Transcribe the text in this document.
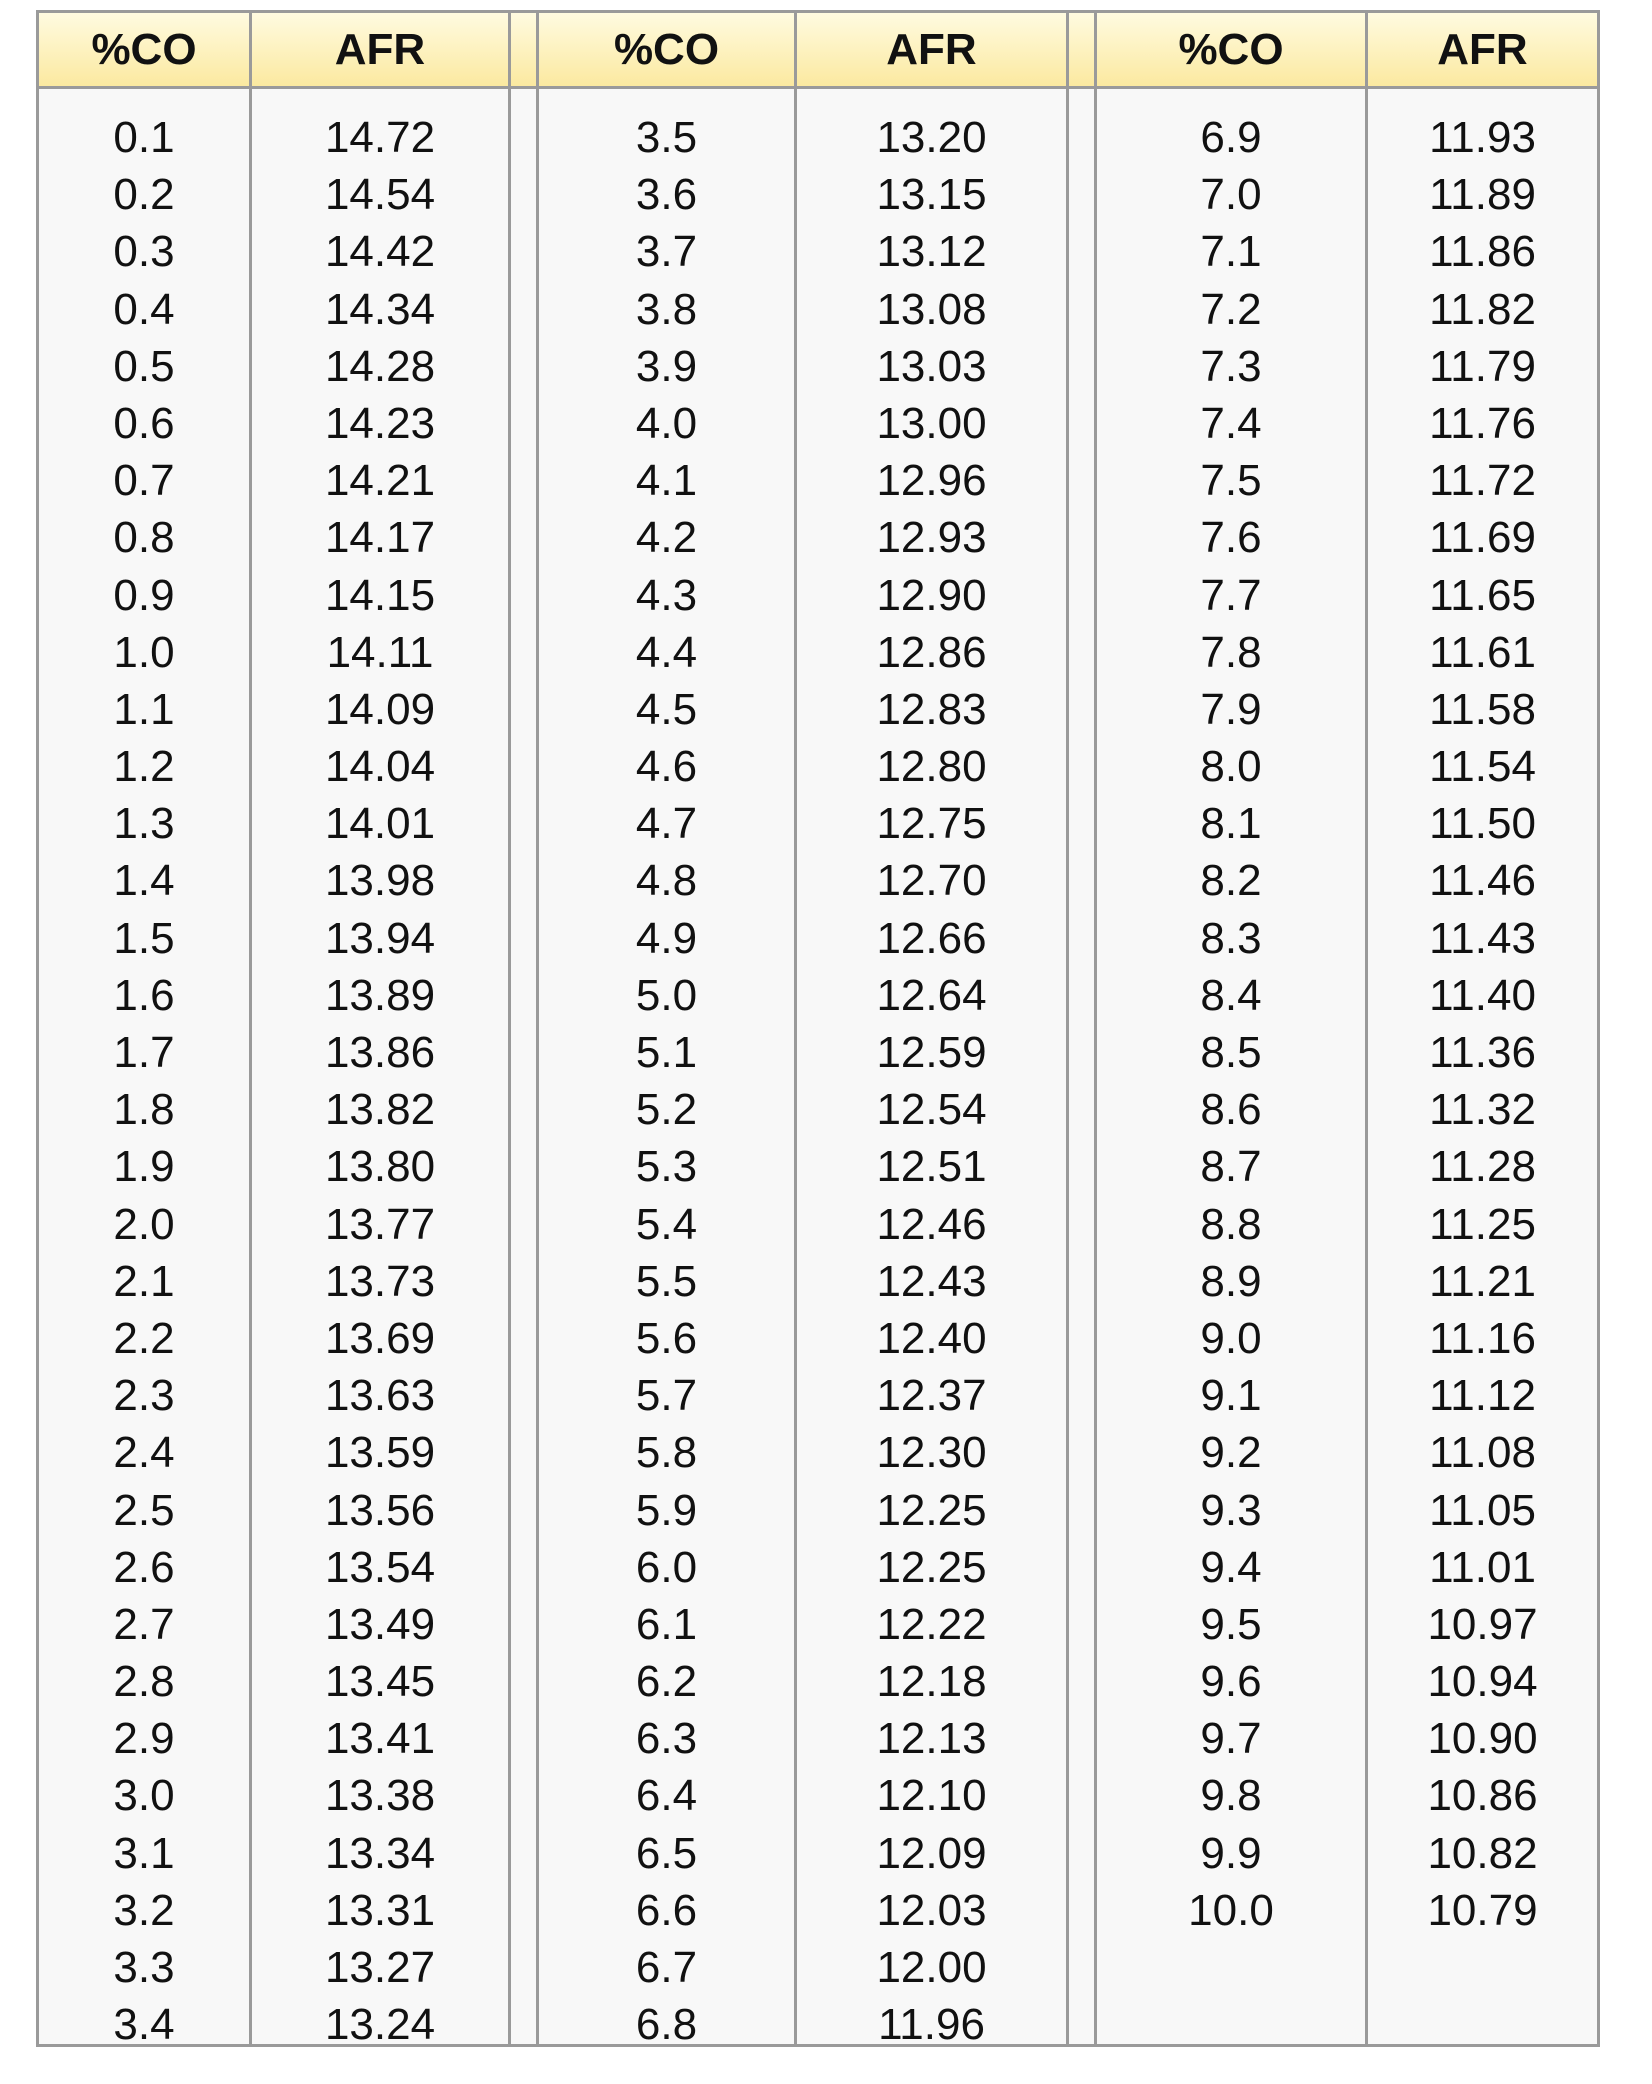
%CO
0.1
0.2
0.3
0.4
0.5
0.6
0.7
0.8
0.9
1.0
1.1
1.2
1.3
1.4
1.5
1.6
1.7
1.8
1.9
2.0
2.1
2.2
2.3
2.4
2.5
2.6
2.7
2.8
2.9
3.0
3.1
3.2
3.3
3.4
AFR
14.72
14.54
14.42
14.34
14.28
14.23
14.21
14.17
14.15
14.11
14.09
14.04
14.01
13.98
13.94
13.89
13.86
13.82
13.80
13.77
13.73
13.69
13.63
13.59
13.56
13.54
13.49
13.45
13.41
13.38
13.34
13.31
13.27
13.24
%CO
3.5
3.6
3.7
3.8
3.9
4.0
4.1
4.2
4.3
4.4
4.5
4.6
4.7
4.8
4.9
5.0
5.1
5.2
5.3
5.4
5.5
5.6
5.7
5.8
5.9
6.0
6.1
6.2
6.3
6.4
6.5
6.6
6.7
6.8
AFR
13.20
13.15
13.12
13.08
13.03
13.00
12.96
12.93
12.90
12.86
12.83
12.80
12.75
12.70
12.66
12.64
12.59
12.54
12.51
12.46
12.43
12.40
12.37
12.30
12.25
12.25
12.22
12.18
12.13
12.10
12.09
12.03
12.00
11.96
%CO
6.9
7.0
7.1
7.2
7.3
7.4
7.5
7.6
7.7
7.8
7.9
8.0
8.1
8.2
8.3
8.4
8.5
8.6
8.7
8.8
8.9
9.0
9.1
9.2
9.3
9.4
9.5
9.6
9.7
9.8
9.9
10.0
AFR
11.93
11.89
11.86
11.82
11.79
11.76
11.72
11.69
11.65
11.61
11.58
11.54
11.50
11.46
11.43
11.40
11.36
11.32
11.28
11.25
11.21
11.16
11.12
11.08
11.05
11.01
10.97
10.94
10.90
10.86
10.82
10.79
